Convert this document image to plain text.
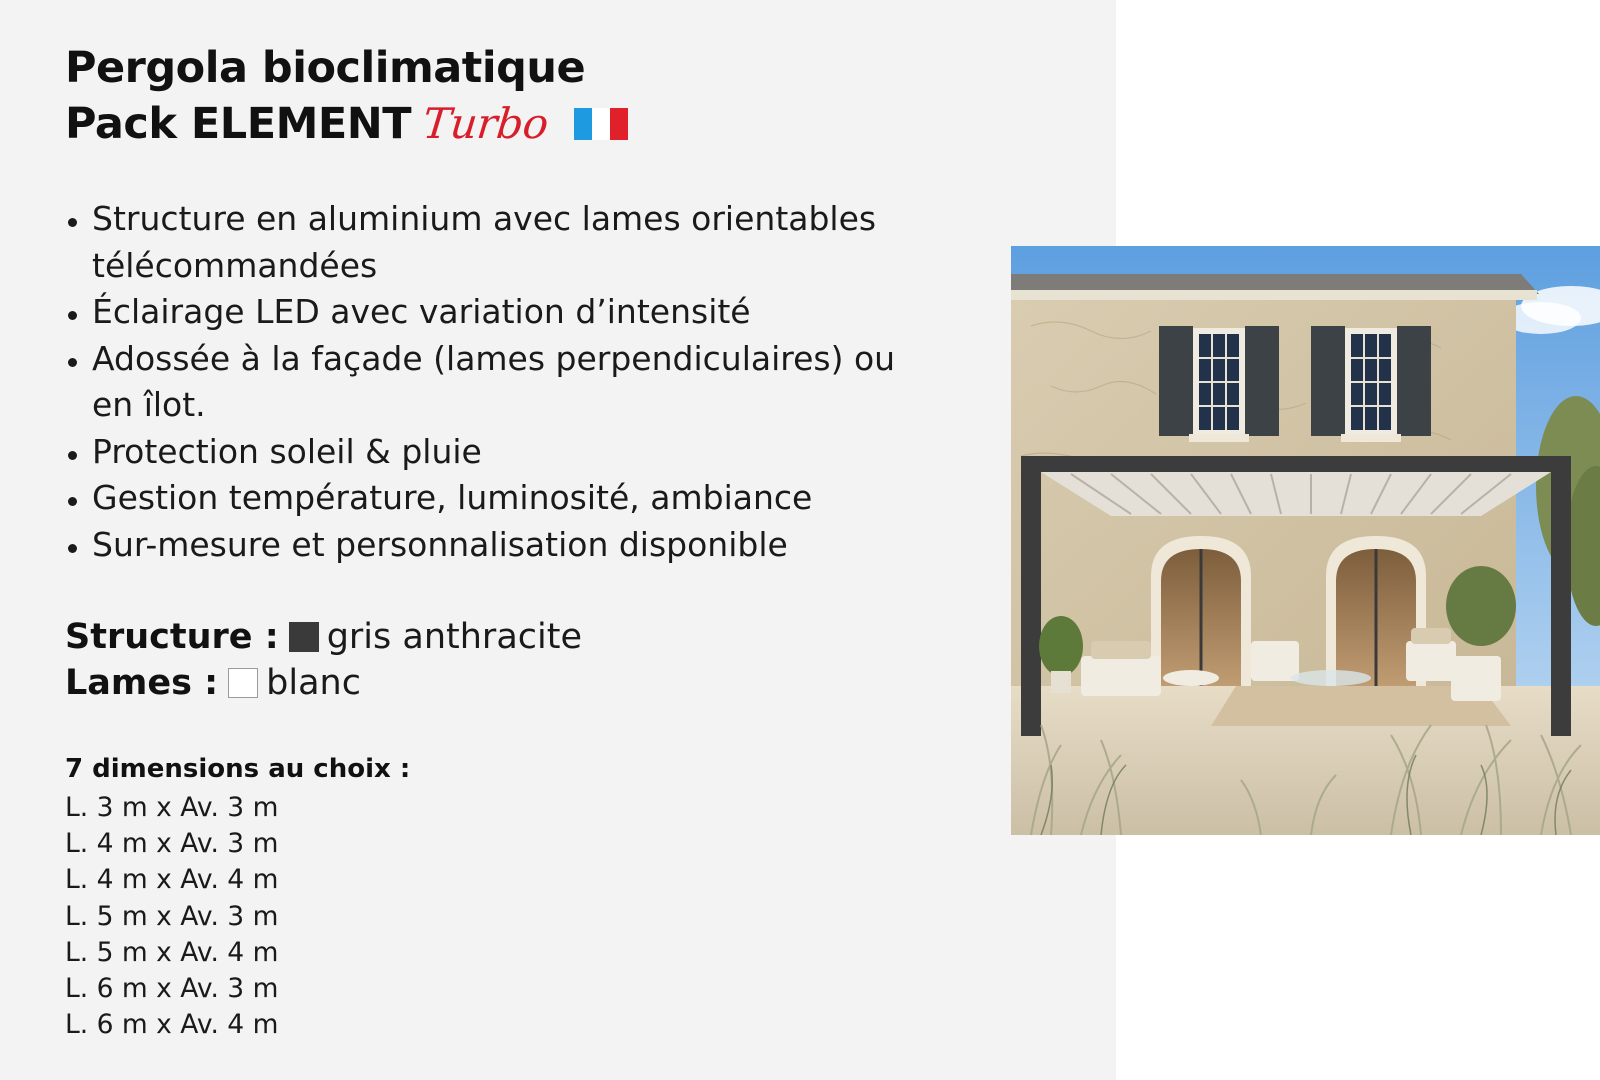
Pergola bioclimatique
Pack ELEMENT Turbo
Structure en aluminium avec lames orientables télécommandées
Éclairage LED avec variation d’intensité
Adossée à la façade (lames perpendiculaires) ou en îlot.
Protection soleil & pluie
Gestion température, luminosité, ambiance
Sur-mesure et personnalisation disponible
Structure : gris anthracite
Lames : blanc
7 dimensions au choix :
L. 3 m x Av. 3 m
L. 4 m x Av. 3 m
L. 4 m x Av. 4 m
L. 5 m x Av. 3 m
L. 5 m x Av. 4 m
L. 6 m x Av. 3 m
L. 6 m x Av. 4 m
